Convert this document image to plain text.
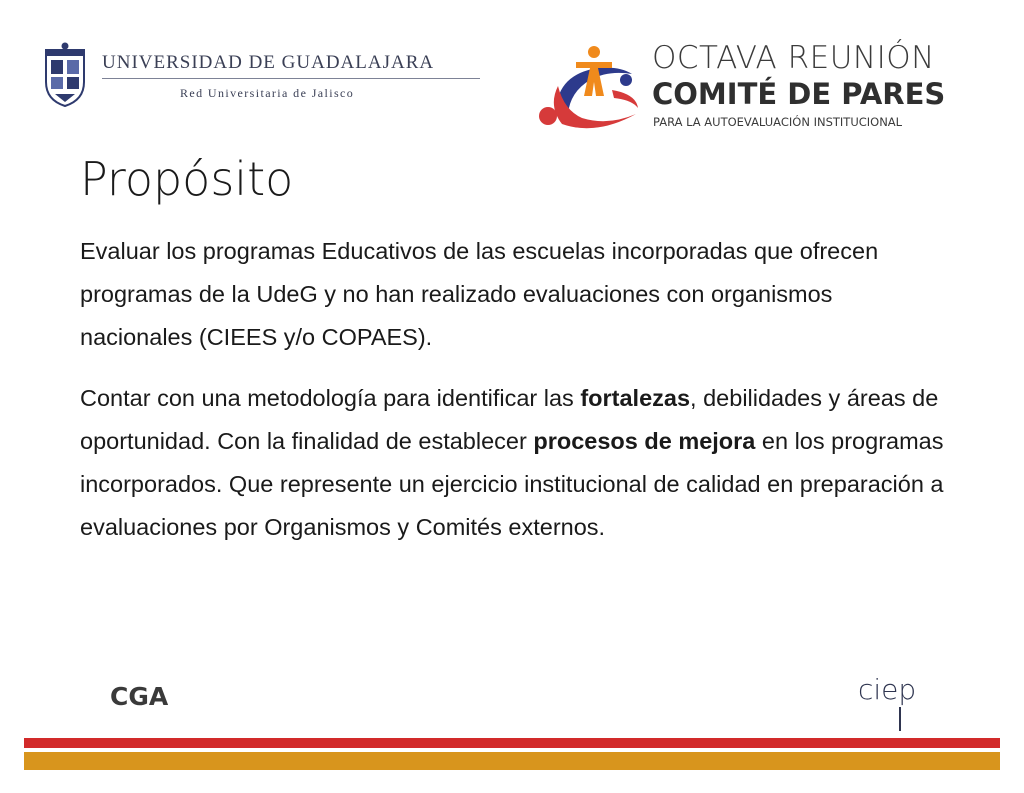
UNIVERSIDAD DE GUADALAJARA
Red Universitaria de Jalisco
OCTAVA REUNIÓN
COMITÉ DE PARES
PARA LA AUTOEVALUACIÓN INSTITUCIONAL
Propósito

Evaluar los programas Educativos de las escuelas incorporadas que ofrecen programas de la UdeG y no han realizado evaluaciones con organismos nacionales (CIEES y/o COPAES).

Contar con una metodología para identificar las fortalezas, debilidades y áreas de oportunidad. Con la finalidad de establecer procesos de mejora en los programas incorporados. Que represente un ejercicio institucional de calidad en preparación a evaluaciones por Organismos y Comités externos.

CGA	ciep
